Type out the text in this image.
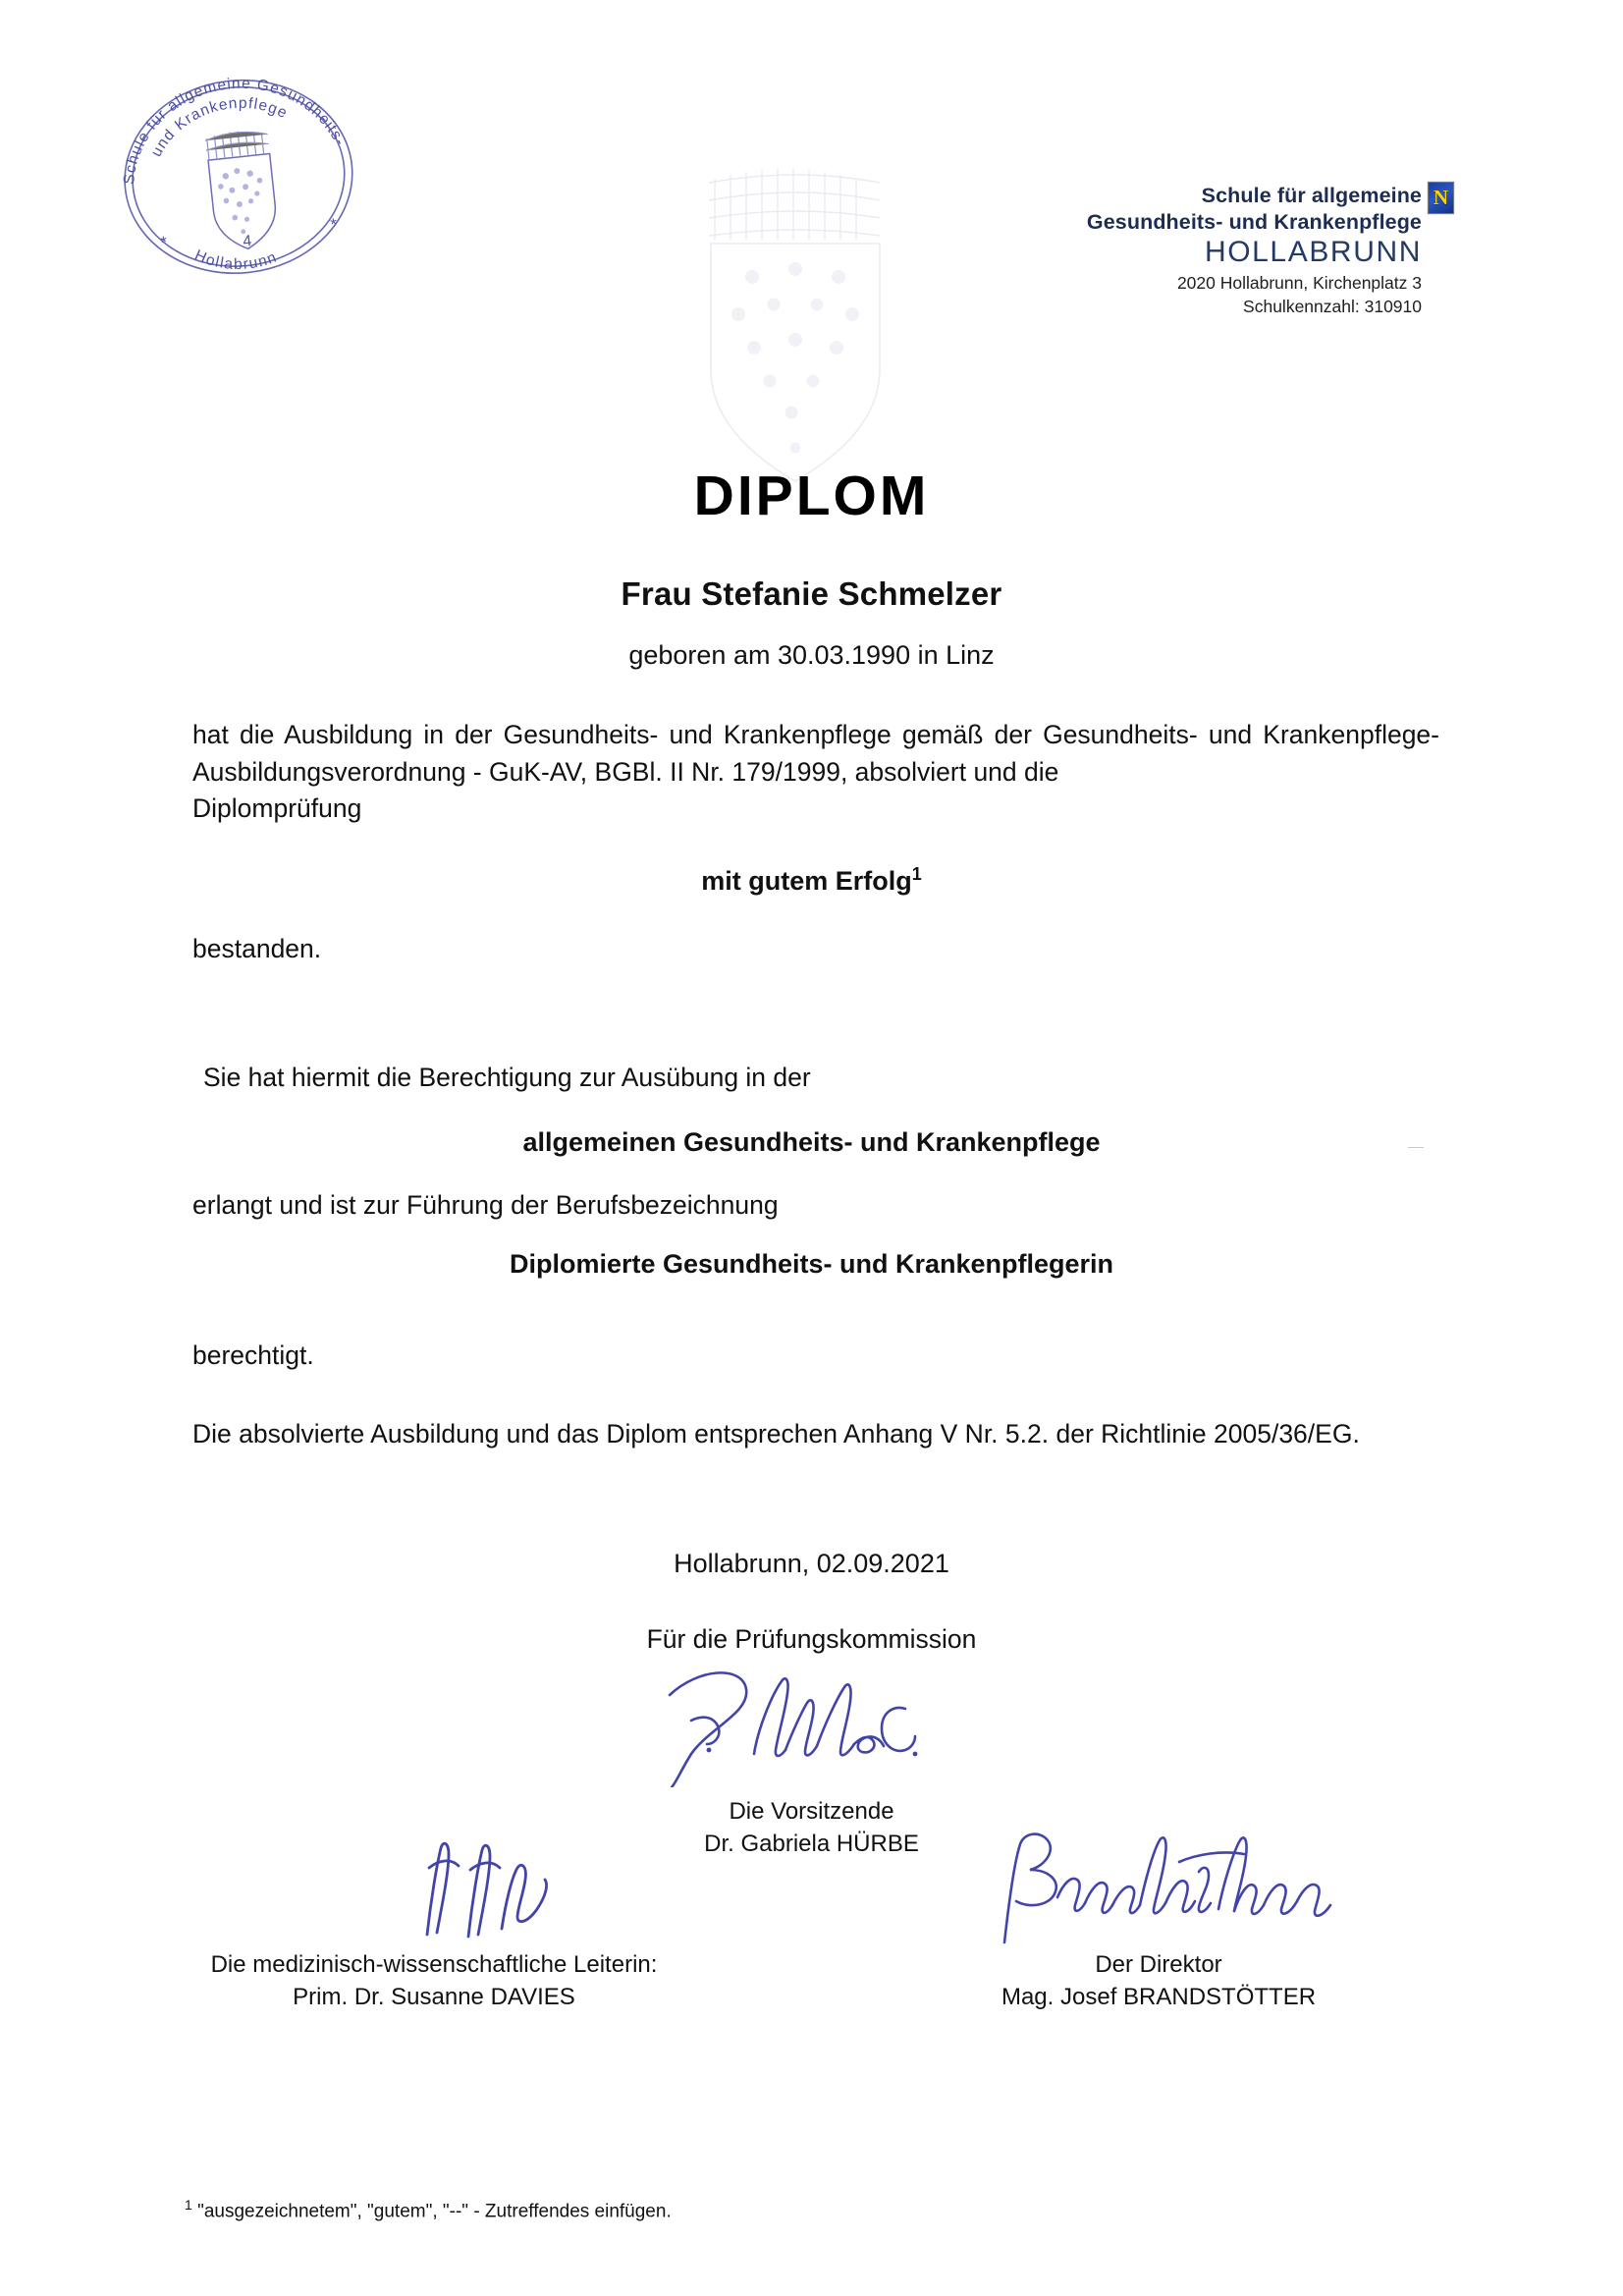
Schule für allgemeine Gesundheits-
und Krankenpflege
Hollabrunn
4
*
*
N
Schule für allgemeine
Gesundheits- und Krankenpflege
HOLLABRUNN
2020 Hollabrunn, Kirchenplatz 3
Schulkennzahl: 310910
DIPLOM
Frau Stefanie Schmelzer
geboren am 30.03.1990 in Linz
hat die Ausbildung in der Gesundheits- und Krankenpflege gemäß der Gesundheits- und Krankenpflege-Ausbildungsverordnung - GuK-AV, BGBl. II Nr. 179/1999, absolviert und die
Diplomprüfung
mit gutem Erfolg$^1$
bestanden.
Sie hat hiermit die Berechtigung zur Ausübung in der
allgemeinen Gesundheits- und Krankenpflege
erlangt und ist zur Führung der Berufsbezeichnung
Diplomierte Gesundheits- und Krankenpflegerin
berechtigt.
Die absolvierte Ausbildung und das Diplom entsprechen Anhang V Nr. 5.2. der Richtlinie 2005/36/EG.
Hollabrunn, 02.09.2021
Für die Prüfungskommission
Die Vorsitzende
Dr. Gabriela HÜRBE
Die medizinisch-wissenschaftliche Leiterin:
Prim. Dr. Susanne DAVIES
Der Direktor
Mag. Josef BRANDSTÖTTER
$^1$ "ausgezeichnetem", "gutem", "--" - Zutreffendes einfügen.
